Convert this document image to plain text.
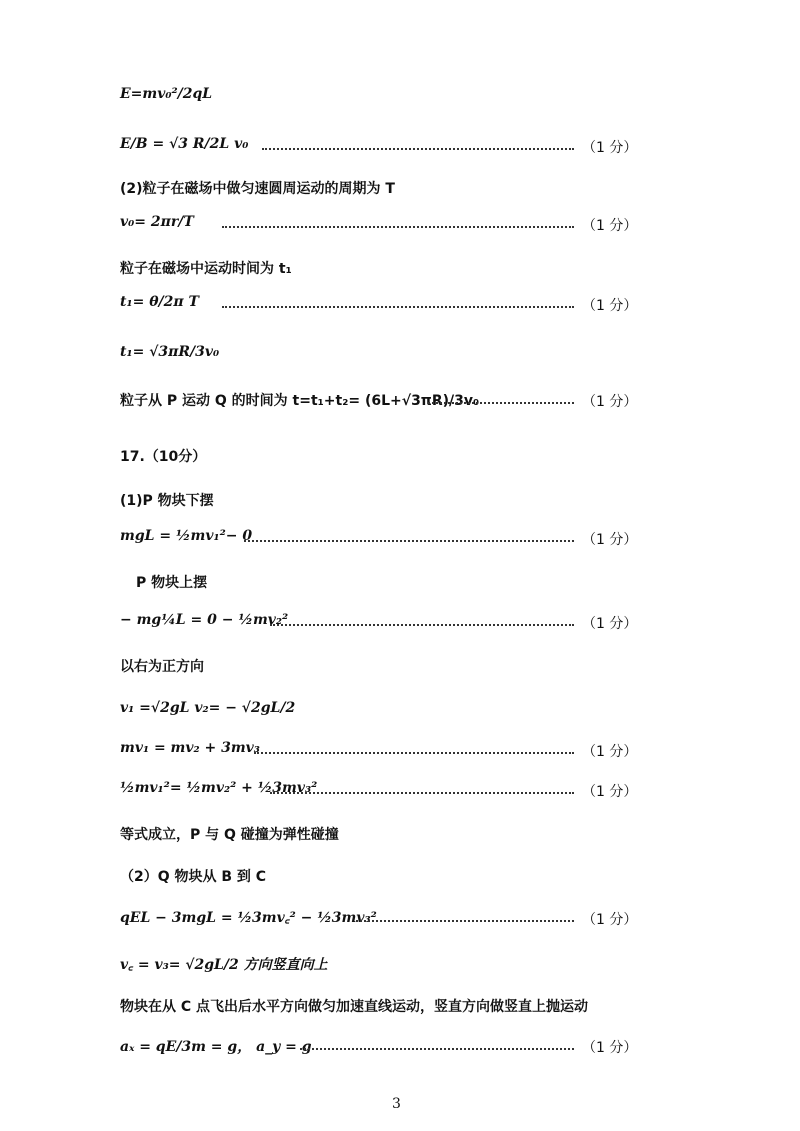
E=mv₀²/2qL
E/B = √3 R/2L v₀	（1 分）
(2)粒子在磁场中做匀速圆周运动的周期为 T
v₀= 2πr/T	（1 分）
粒子在磁场中运动时间为 t₁
t₁= θ/2π T	（1 分）
t₁= √3πR/3v₀
粒子从 P 运动 Q 的时间为 t=t₁+t₂= (6L+√3πR)/3v₀	（1 分）
17.（10分）
(1)P 物块下摆
mgL = ½mv₁²− 0	（1 分）
P 物块上摆
− mg¼L = 0 − ½mv₂²	（1 分）
以右为正方向
v₁ =√2gL v₂= − √2gL/2
mv₁ = mv₂ + 3mv₃	（1 分）
½mv₁²= ½mv₂² + ½3mv₃²	（1 分）
等式成立，P 与 Q 碰撞为弹性碰撞
（2）Q 物块从 B 到 C
qEL − 3mgL = ½3mv꜀² − ½3mv₃²	（1 分）
v꜀ = v₃= √2gL/2 方向竖直向上
物块在从 C 点飞出后水平方向做匀加速直线运动，竖直方向做竖直上抛运动
aₓ = qE/3m = g， a_y = g	（1 分）
3
